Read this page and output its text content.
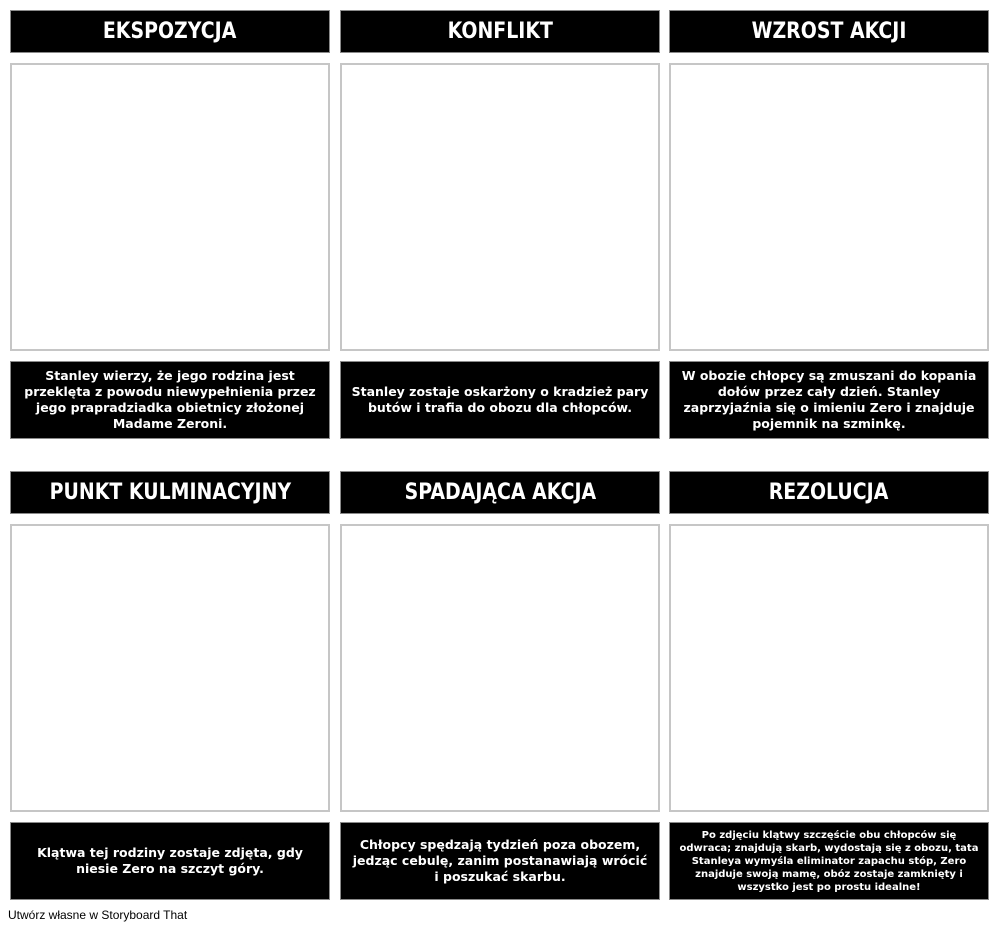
EKSPOZYCJA
Stanley wierzy, że jego rodzina jest przeklęta z powodu niewypełnienia przez jego prapradziadka obietnicy złożonej Madame Zeroni.
KONFLIKT
Stanley zostaje oskarżony o kradzież pary butów i trafia do obozu dla chłopców.
WZROST AKCJI
W obozie chłopcy są zmuszani do kopania dołów przez cały dzień. Stanley zaprzyjaźnia się o imieniu Zero i znajduje pojemnik na szminkę.
PUNKT KULMINACYJNY
Klątwa tej rodziny zostaje zdjęta, gdy niesie Zero na szczyt góry.
SPADAJĄCA AKCJA
Chłopcy spędzają tydzień poza obozem, jedząc cebulę, zanim postanawiają wrócić i poszukać skarbu.
REZOLUCJA
Po zdjęciu klątwy szczęście obu chłopców się odwraca; znajdują skarb, wydostają się z obozu, tata Stanleya wymyśla eliminator zapachu stóp, Zero znajduje swoją mamę, obóz zostaje zamknięty i wszystko jest po prostu idealne!
Utwórz własne w Storyboard That
